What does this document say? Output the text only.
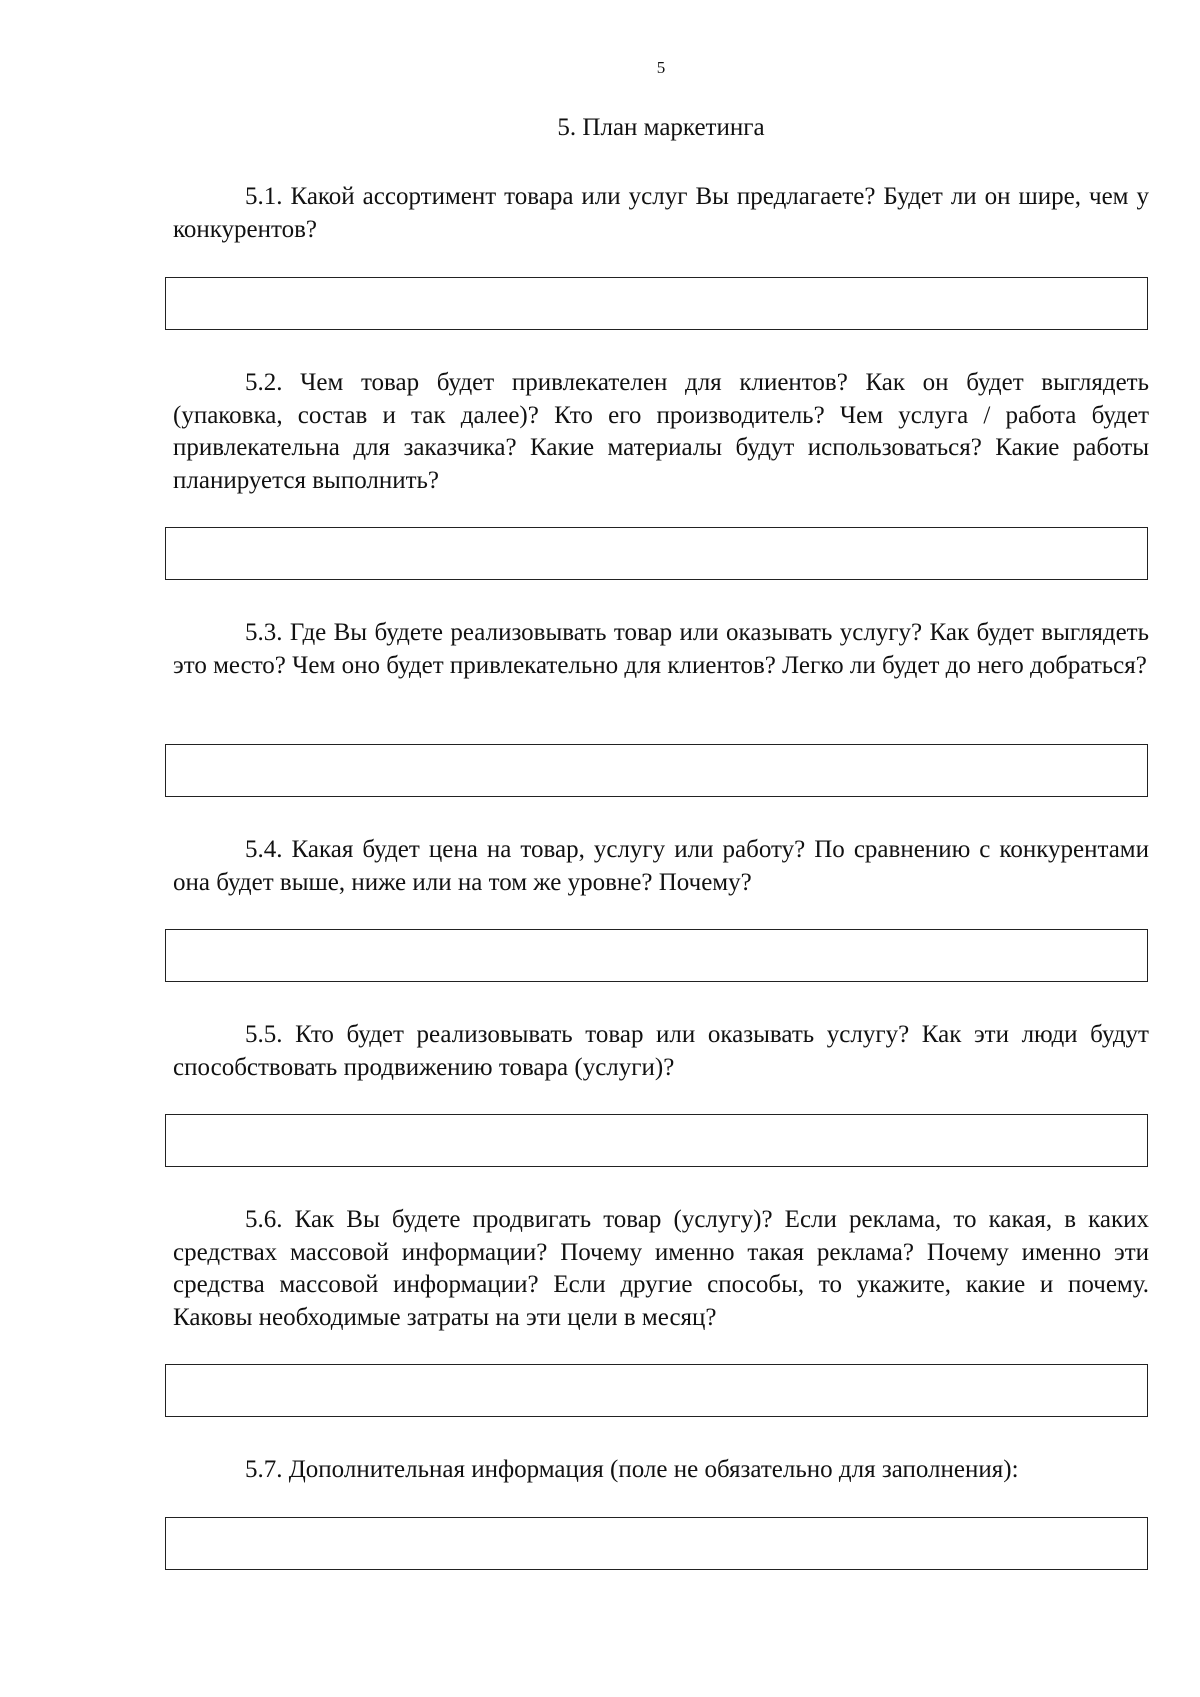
5
5. План маркетинга

5.1. Какой ассортимент товара или услуг Вы предлагаете? Будет ли он шире, чем у конкурентов?

5.2. Чем товар будет привлекателен для клиентов? Как он будет выглядеть (упаковка, состав и так далее)? Кто его производитель? Чем услуга / работа будет привлекательна для заказчика? Какие материалы будут использоваться? Какие работы планируется выполнить?

5.3. Где Вы будете реализовывать товар или оказывать услугу? Как будет выглядеть это место? Чем оно будет привлекательно для клиентов? Легко ли будет до него добраться?

5.4. Какая будет цена на товар, услугу или работу? По сравнению с конкурентами она будет выше, ниже или на том же уровне? Почему?

5.5. Кто будет реализовывать товар или оказывать услугу? Как эти люди будут способствовать продвижению товара (услуги)?

5.6. Как Вы будете продвигать товар (услугу)? Если реклама, то какая, в каких средствах массовой информации? Почему именно такая реклама? Почему именно эти средства массовой информации? Если другие способы, то укажите, какие и почему. Каковы необходимые затраты на эти цели в месяц?

5.7. Дополнительная информация (поле не обязательно для заполнения):
